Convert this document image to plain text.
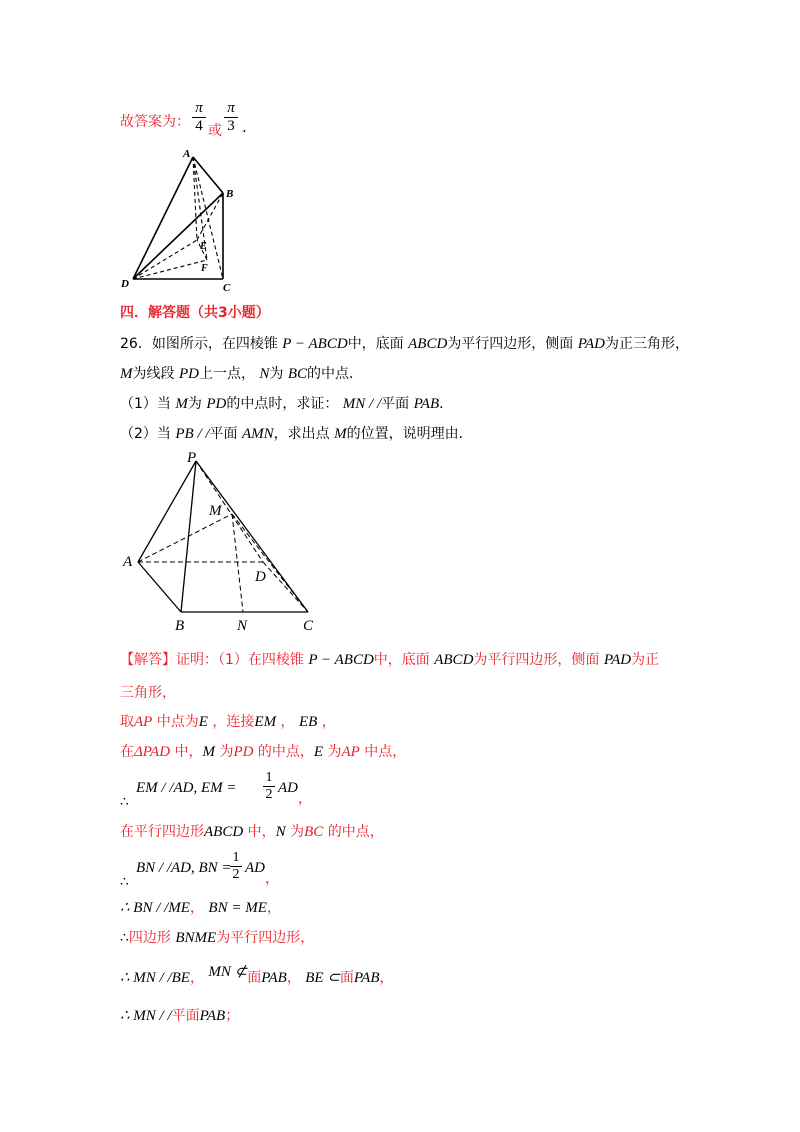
故答案为： $\frac{\pi}{4}$ 或 $\frac{\pi}{3}$ .
A
B
C
D
E
F
四．解答题（共3小题）
26．如图所示，在四棱锥 P − ABCD中，底面 ABCD为平行四边形，侧面 PAD为正三角形，
M为线段 PD上一点， N为 BC的中点．
（1）当 M为 PD的中点时，求证： MN / /平面 PAB．
（2）当 PB / /平面 AMN，求出点 M的位置，说明理由．
P
M
A
D
B	N	C
【解答】证明：（1）在四棱锥 P − ABCD中，底面 ABCD为平行四边形，侧面 PAD为正
三角形，
取AP 中点为E ，连接EM ， EB ，
在ΔPAD 中，M 为PD 的中点，E 为AP 中点，
∴
EM / /AD, EM = $\frac{1}{2}$ AD
，
在平行四边形ABCD 中，N 为BC 的中点，
∴
BN / /AD, BN =
$\frac{1}{2}$ AD
，
∴ BN / /ME， BN = ME，
∴四边形 BNME为平行四边形，
∴ MN / /BE， MN ⊄面PAB， BE ⊂面PAB，
∴ MN / /平面PAB；
